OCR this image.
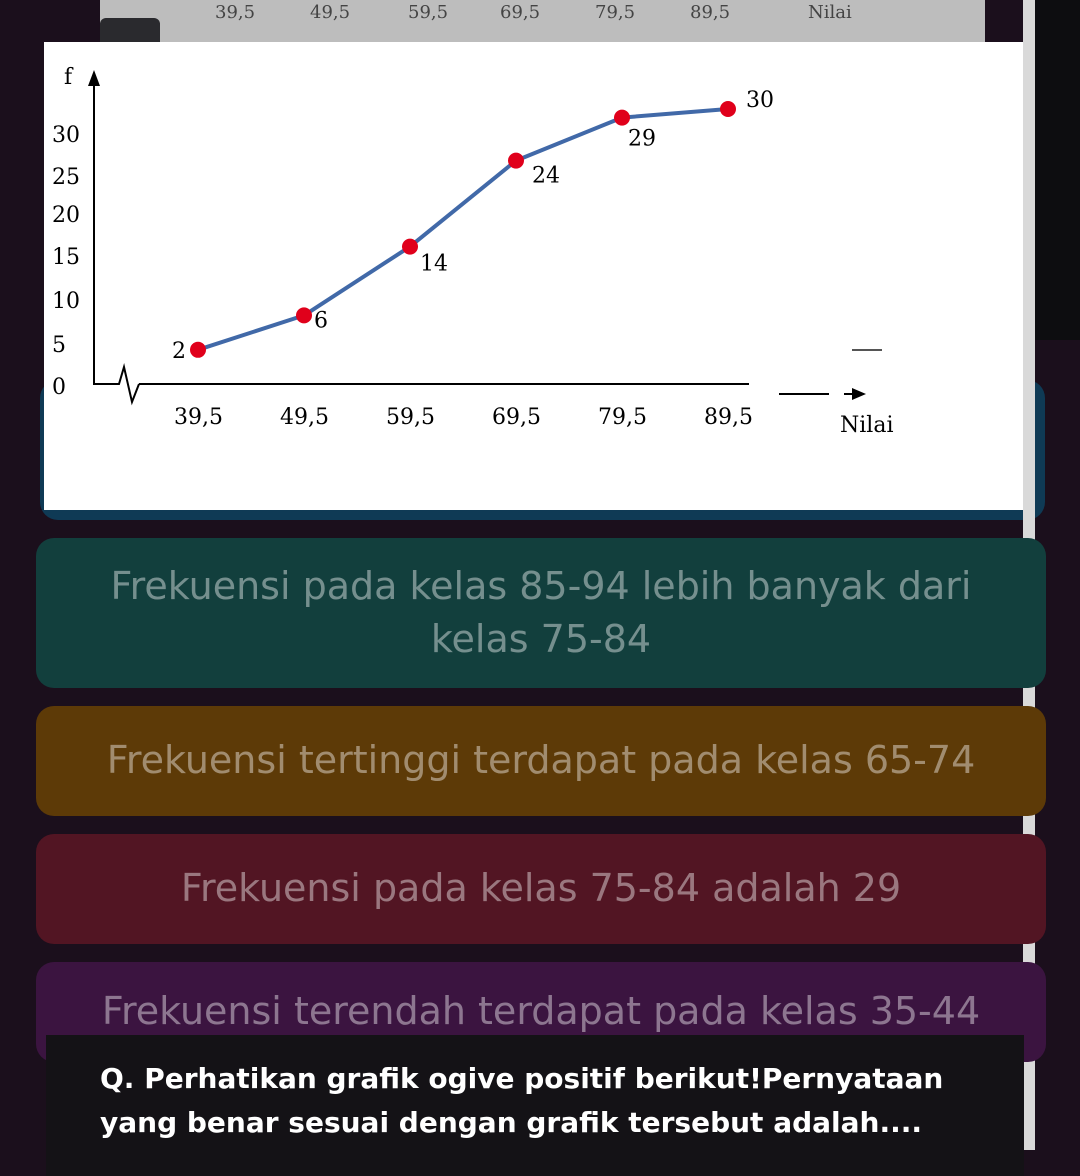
39,5	49,5	59,5	69,5	79,5	89,5	Nilai
f
0
5
10
15
20
25
30
Nilai
39,5	49,5	59,5	69,5	79,5	89,5
2
6
14
24
29
30
Frekuensi pada kelas 85-94 lebih banyak dari kelas 75-84
Frekuensi tertinggi terdapat pada kelas 65-74
Frekuensi pada kelas 75-84 adalah 29
Frekuensi terendah terdapat pada kelas 35-44
Q. Perhatikan grafik ogive positif berikut!Pernyataan yang benar sesuai dengan grafik tersebut adalah....
